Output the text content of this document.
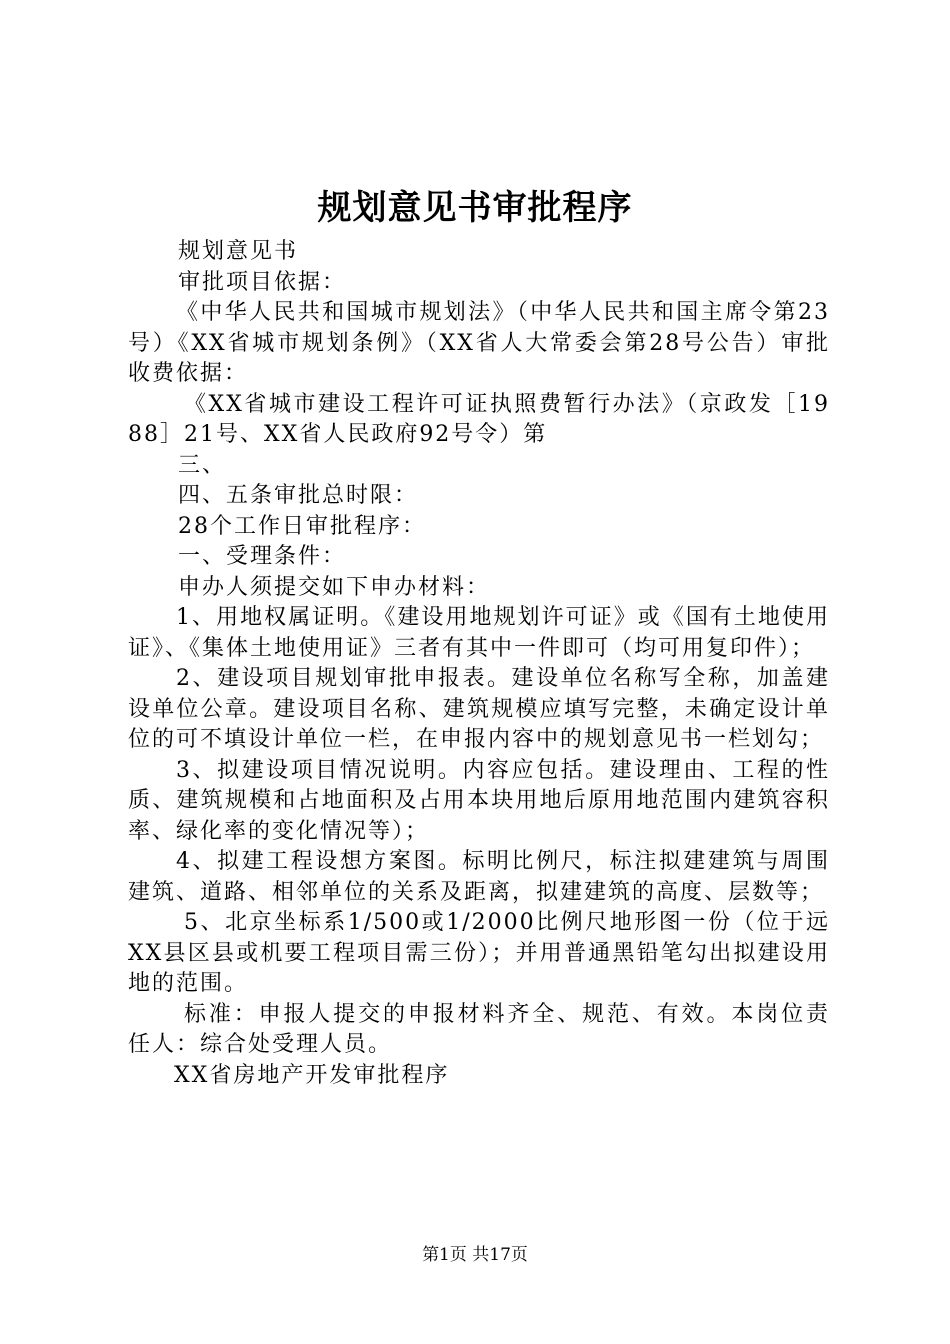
规划意见书审批程序

规划意见书

审批项目依据：

《中华人民共和国城市规划法》（中华人民共和国主席令第23号）《XX省城市规划条例》（XX省人大常委会第28号公告）审批收费依据：

《XX省城市建设工程许可证执照费暂行办法》（京政发［1988］21号、XX省人民政府92号令）第

三、

四、五条审批总时限：

28个工作日审批程序：

一、受理条件：

申办人须提交如下申办材料：

1、用地权属证明。《建设用地规划许可证》或《国有土地使用证》、《集体土地使用证》三者有其中一件即可（均可用复印件）；

2、建设项目规划审批申报表。建设单位名称写全称，加盖建设单位公章。建设项目名称、建筑规模应填写完整，未确定设计单位的可不填设计单位一栏，在申报内容中的规划意见书一栏划勾；

3、拟建设项目情况说明。内容应包括。建设理由、工程的性质、建筑规模和占地面积及占用本块用地后原用地范围内建筑容积率、绿化率的变化情况等）；

4、拟建工程设想方案图。标明比例尺，标注拟建建筑与周围建筑、道路、相邻单位的关系及距离，拟建建筑的高度、层数等；

5、北京坐标系1/500或1/2000比例尺地形图一份（位于远XX县区县或机要工程项目需三份）；并用普通黑铅笔勾出拟建设用地的范围。

标准：申报人提交的申报材料齐全、规范、有效。本岗位责任人：综合处受理人员。

XX省房地产开发审批程序

第1页 共17页
